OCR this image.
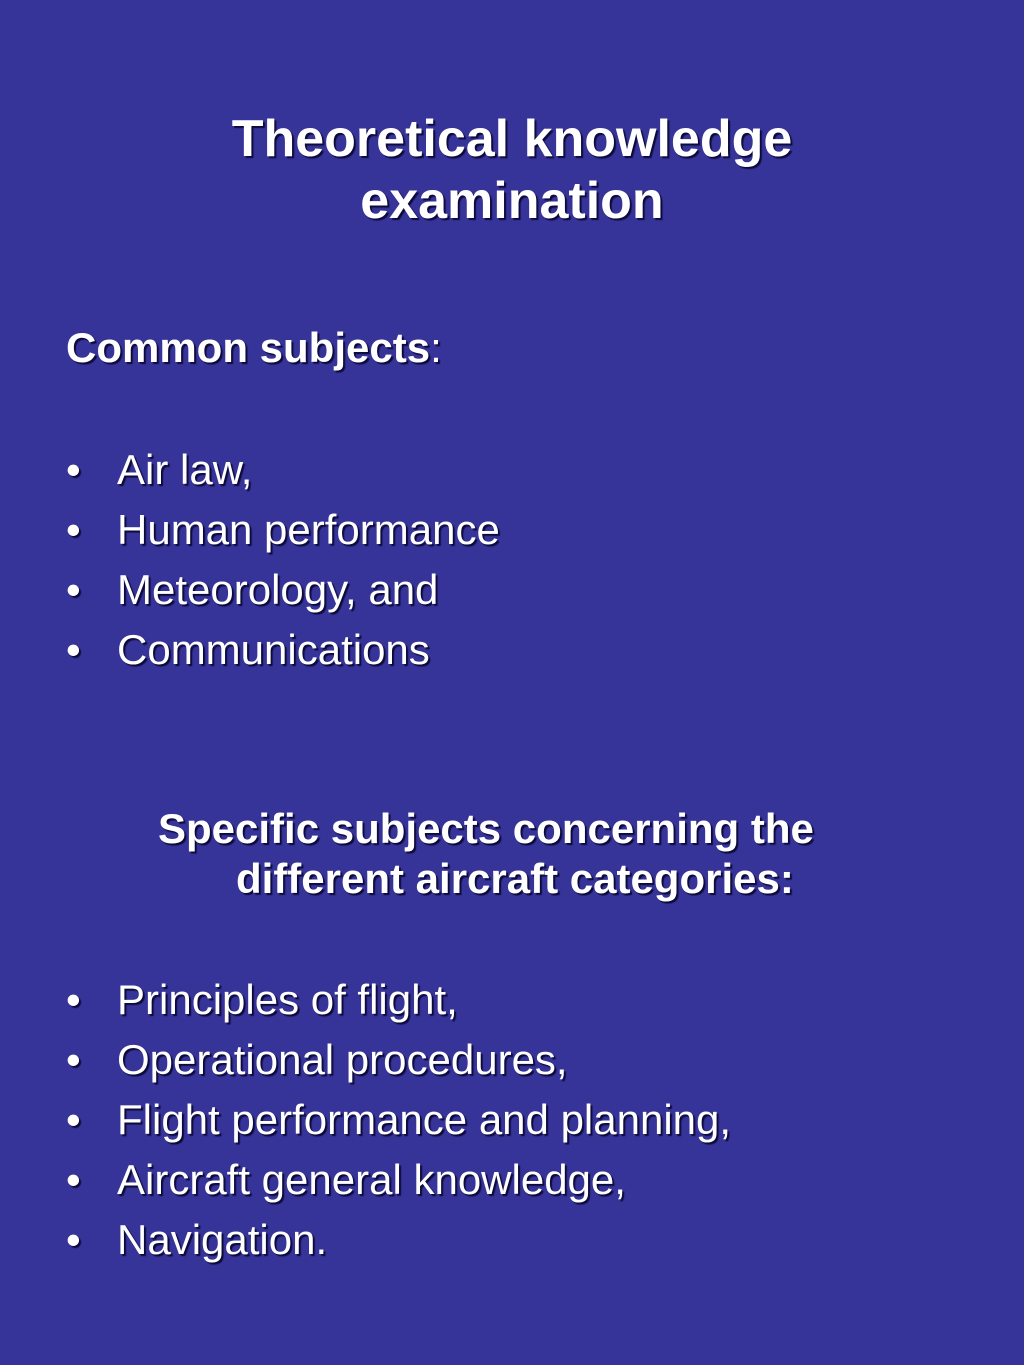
Theoretical knowledge
examination

Common subjects:

• Air law,
• Human performance
• Meteorology, and
• Communications

Specific subjects concerning the
different aircraft categories:

• Principles of flight,
• Operational procedures,
• Flight performance and planning,
• Aircraft general knowledge,
• Navigation.
